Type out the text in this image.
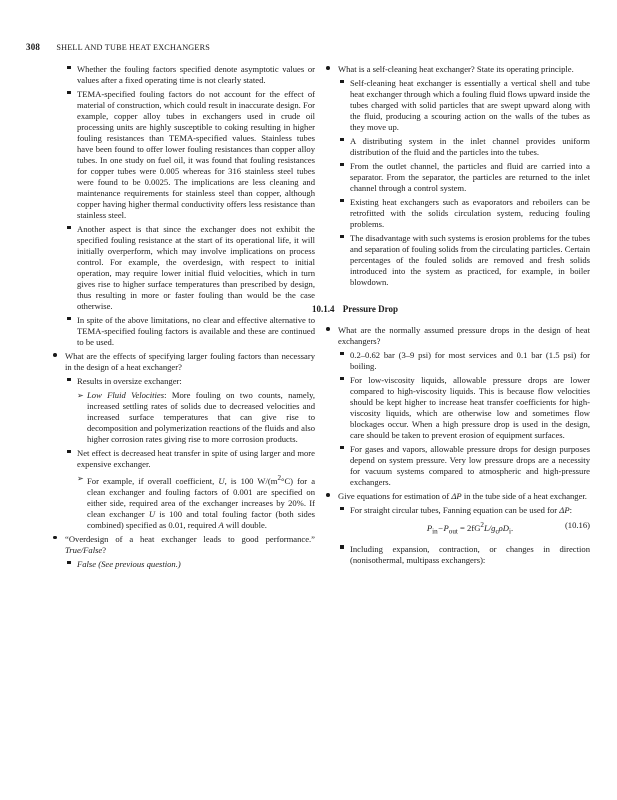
308 SHELL AND TUBE HEAT EXCHANGERS

Whether the fouling factors specified denote asymptotic values or values after a fixed operating time is not clearly stated.

TEMA-specified fouling factors do not account for the effect of material of construction, which could result in inaccurate design. For example, copper alloy tubes in exchangers used in crude oil processing units are highly susceptible to coking resulting in higher fouling resistances than TEMA-specified values. Stainless tubes have been found to offer lower fouling resistances than copper alloy tubes. In one study on fuel oil, it was found that fouling resistances for copper tubes were 0.005 whereas for 316 stainless steel tubes were found to be 0.0025. The implications are less cleaning and maintenance requirements for stainless steel than copper, although copper having higher thermal conductivity offers less resistance than stainless steel.

Another aspect is that since the exchanger does not exhibit the specified fouling resistance at the start of its operational life, it will initially overperform, which may involve implications on process control. For example, the overdesign, with respect to initial operation, may require lower initial fluid velocities, which in turn gives rise to higher surface temperatures than prescribed by design, thus resulting in more or faster fouling than would be the case otherwise.

In spite of the above limitations, no clear and effective alternative to TEMA-specified fouling factors is available and these are continued to be used.

What are the effects of specifying larger fouling factors than necessary in the design of a heat exchanger?

Results in oversize exchanger:

➢ Low Fluid Velocities: More fouling on two counts, namely, increased settling rates of solids due to decreased velocities and increased surface temperatures that can give rise to decomposition and polymerization reactions of the fluids and also higher corrosion rates giving rise to more corrosion products.

Net effect is decreased heat transfer in spite of using larger and more expensive exchanger.

➢ For example, if overall coefficient, U, is 100 $W/(m^2^\circ C)$ for a clean exchanger and fouling factors of 0.001 are specified on either side, required area of the exchanger increases by 20%. If clean exchanger U is 100 and total fouling factor (both sides combined) specified as 0.01, required A will double.

“Overdesign of a heat exchanger leads to good performance.” True/False?

False (See previous question.)

What is a self-cleaning heat exchanger? State its operating principle.

Self-cleaning heat exchanger is essentially a vertical shell and tube heat exchanger through which a fouling fluid flows upward inside the tubes charged with solid particles that are swept upward along with the fluid, producing a scouring action on the walls of the tubes as they move up.

A distributing system in the inlet channel provides uniform distribution of the fluid and the particles into the tubes.

From the outlet channel, the particles and fluid are carried into a separator. From the separator, the particles are returned to the inlet channel through a control system.

Existing heat exchangers such as evaporators and reboilers can be retrofitted with the solids circulation system, reducing fouling problems.

The disadvantage with such systems is erosion problems for the tubes and separation of fouling solids from the circulating particles. Certain percentages of the fouled solids are removed and fresh solids introduced into the system as practiced, for example, in boiler blowdown.

10.1.4 Pressure Drop

What are the normally assumed pressure drops in the design of heat exchangers?

0.2–0.62 bar (3–9 psi) for most services and 0.1 bar (1.5 psi) for boiling.

For low-viscosity liquids, allowable pressure drops are lower compared to high-viscosity liquids. This is because flow velocities should be kept higher to increase heat transfer coefficients for high-viscosity liquids, which are otherwise low and sometimes flow blockages occur. When a high pressure drop is used in the design, care should be taken to prevent erosion of equipment surfaces.

For gases and vapors, allowable pressure drops for design purposes depend on system pressure. Very low pressure drops are a necessity for vacuum systems compared to atmospheric and high-pressure exchangers.

Give equations for estimation of ΔP in the tube side of a heat exchanger.

For straight circular tubes, Fanning equation can be used for ΔP:

$P_{in}-P_{out} = 2fG^2L/g_c\rho D_i$.	(10.16)

Including expansion, contraction, or changes in direction (nonisothermal, multipass exchangers):
